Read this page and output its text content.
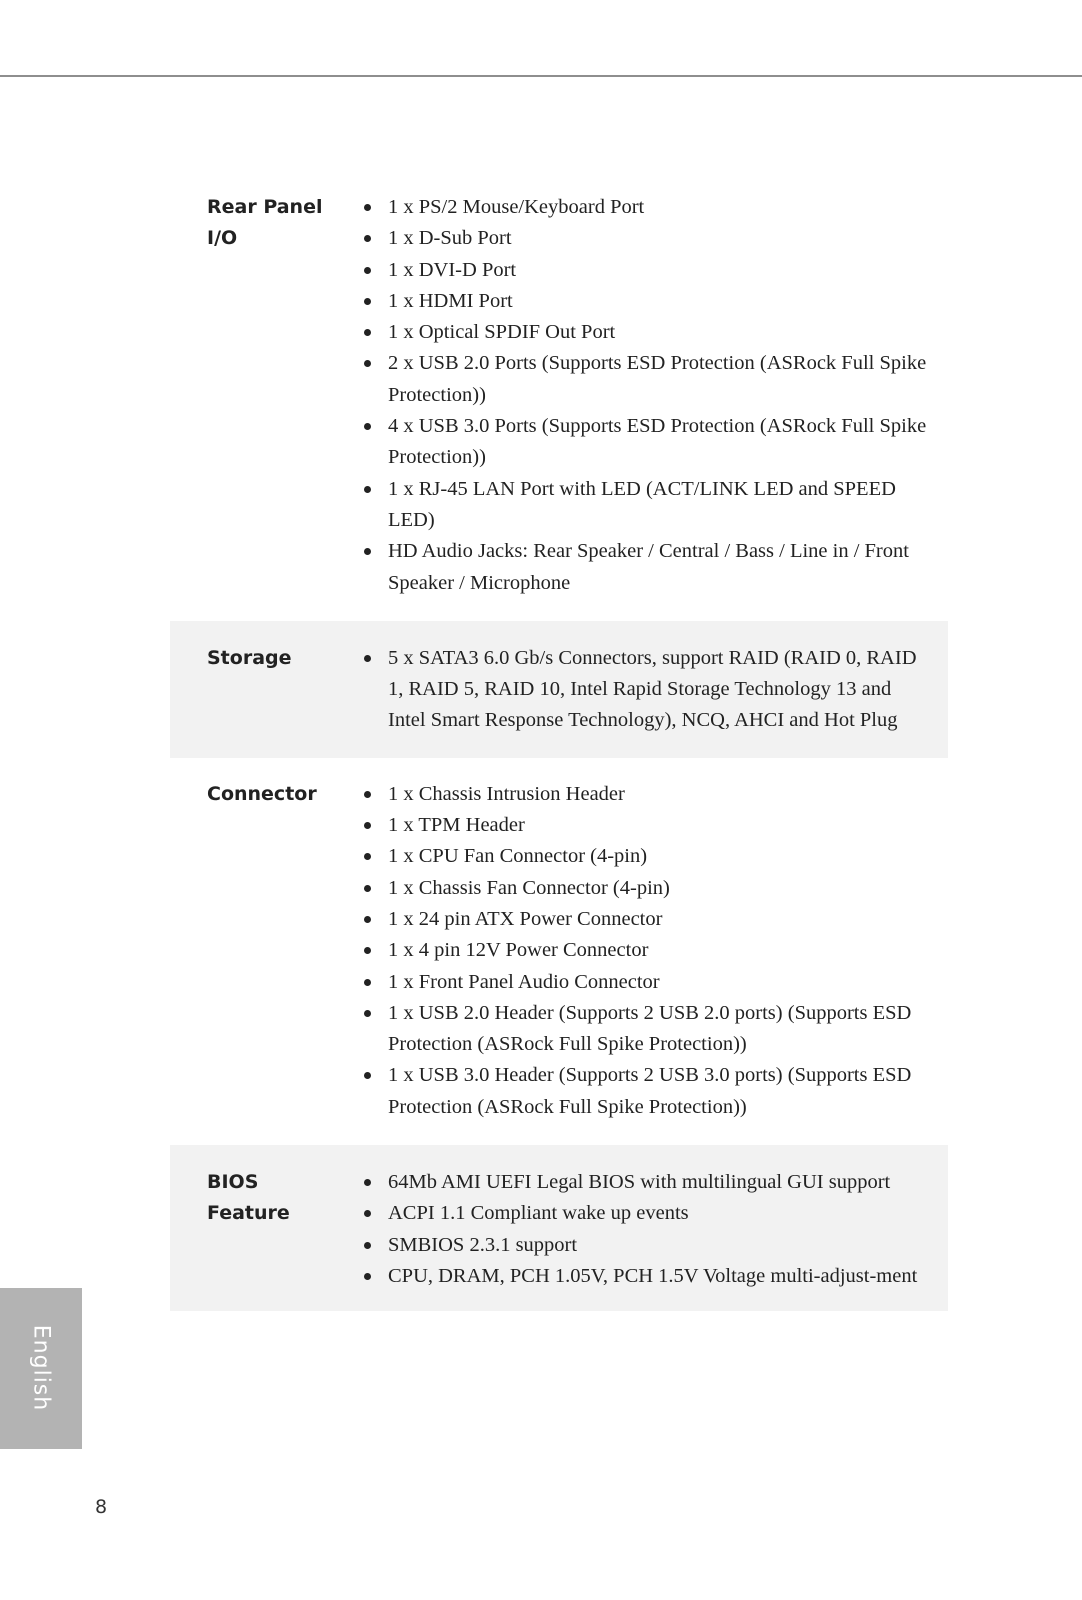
Rear Panel
I/O
1 x PS/2 Mouse/Keyboard Port
1 x D-Sub Port
1 x DVI-D Port
1 x HDMI Port
1 x Optical SPDIF Out Port
2 x USB 2.0 Ports (Supports ESD Protection (ASRock Full Spike Protection))
4 x USB 3.0 Ports (Supports ESD Protection (ASRock Full Spike Protection))
1 x RJ-45 LAN Port with LED (ACT/LINK LED and SPEED LED)
HD Audio Jacks: Rear Speaker / Central / Bass / Line in / Front Speaker / Microphone
Storage	5 x SATA3 6.0 Gb/s Connectors, support RAID (RAID 0, RAID 1, RAID 5, RAID 10, Intel Rapid Storage Technology 13 and Intel Smart Response Technology), NCQ, AHCI and Hot Plug
Connector	1 x Chassis Intrusion Header
1 x TPM Header
1 x CPU Fan Connector (4-pin)
1 x Chassis Fan Connector (4-pin)
1 x 24 pin ATX Power Connector
1 x 4 pin 12V Power Connector
1 x Front Panel Audio Connector
1 x USB 2.0 Header (Supports 2 USB 2.0 ports) (Supports ESD Protection (ASRock Full Spike Protection))
1 x USB 3.0 Header (Supports 2 USB 3.0 ports) (Supports ESD Protection (ASRock Full Spike Protection))
BIOS
Feature
64Mb AMI UEFI Legal BIOS with multilingual GUI support
ACPI 1.1 Compliant wake up events
SMBIOS 2.3.1 support
CPU, DRAM, PCH 1.05V, PCH 1.5V Voltage multi-adjust-ment
English
8
